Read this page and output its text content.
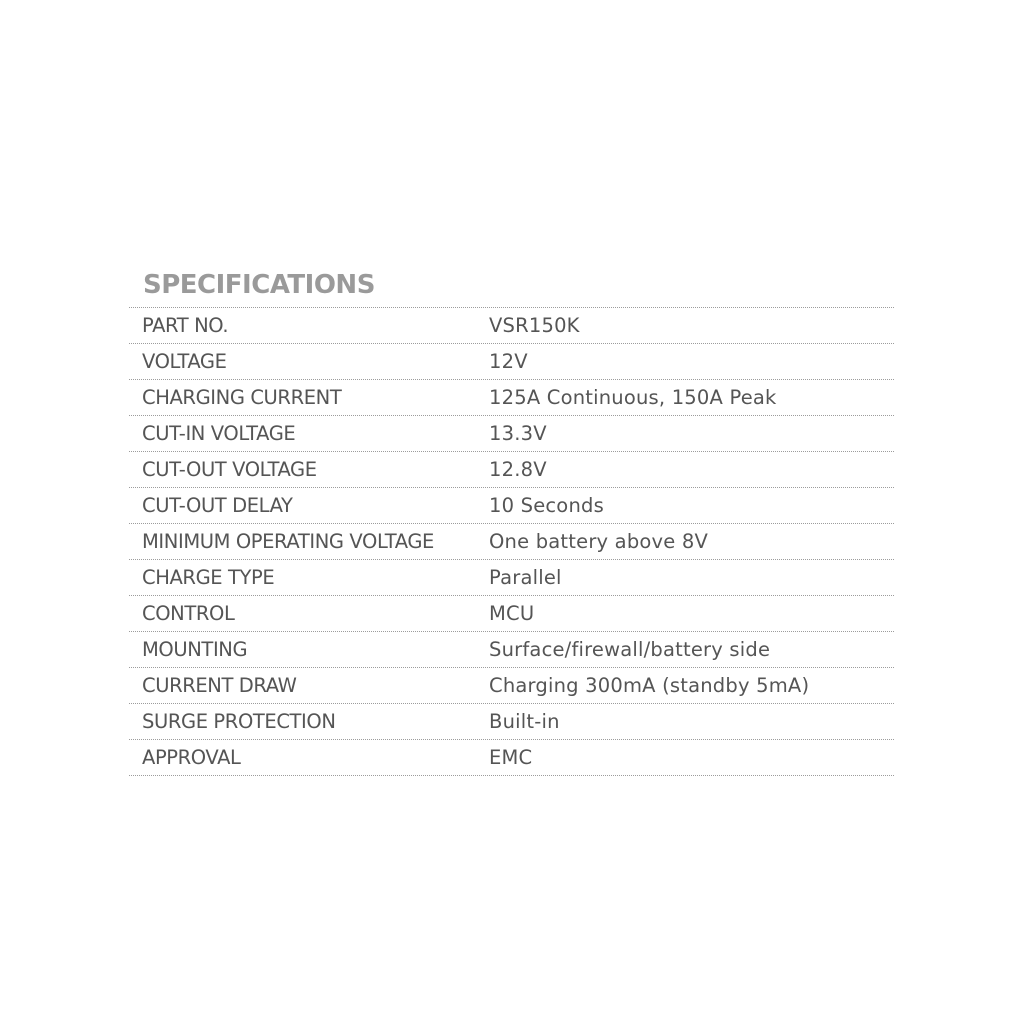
SPECIFICATIONS
PART NO.	VSR150K
VOLTAGE	12V
CHARGING CURRENT	125A Continuous, 150A Peak
CUT-IN VOLTAGE	13.3V
CUT-OUT VOLTAGE	12.8V
CUT-OUT DELAY	10 Seconds
MINIMUM OPERATING VOLTAGE	One battery above 8V
CHARGE TYPE	Parallel
CONTROL	MCU
MOUNTING	Surface/firewall/battery side
CURRENT DRAW	Charging 300mA (standby 5mA)
SURGE PROTECTION	Built-in
APPROVAL	EMC
